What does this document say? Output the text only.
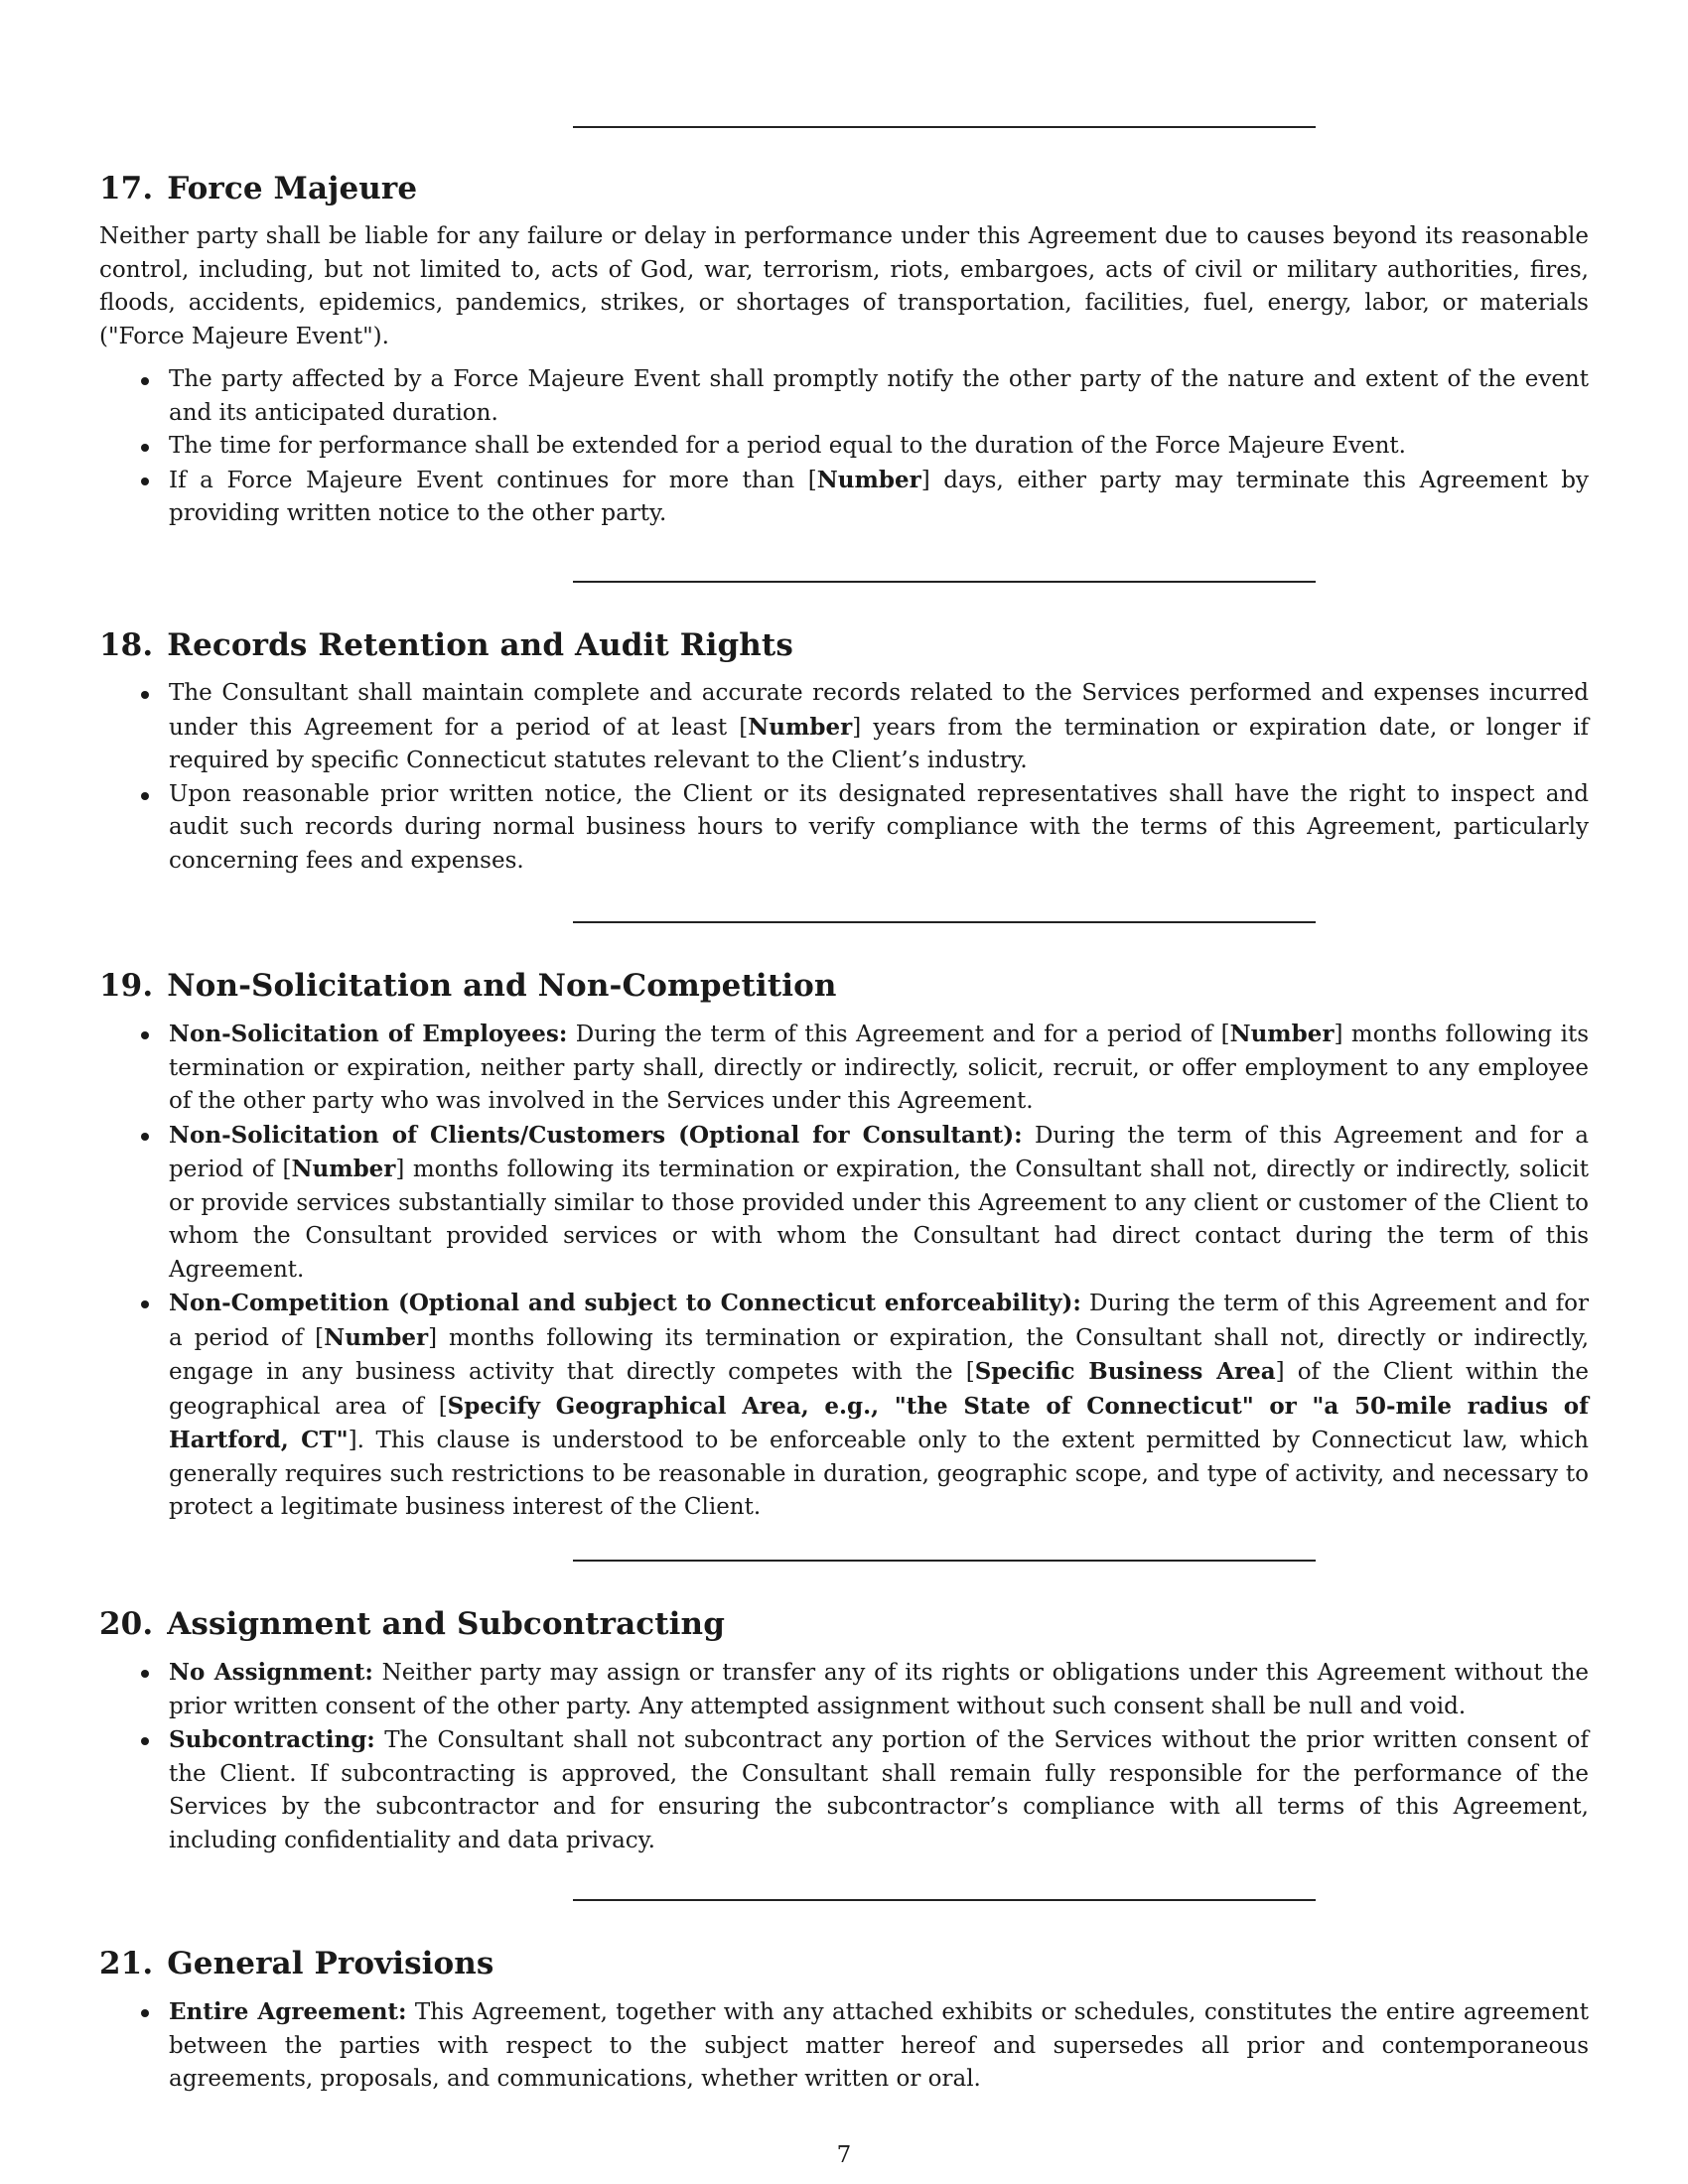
17. Force Majeure

Neither party shall be liable for any failure or delay in performance under this Agreement due to causes beyond its reasonable control, including, but not limited to, acts of God, war, terrorism, riots, embargoes, acts of civil or military authorities, fires, floods, accidents, epidemics, pandemics, strikes, or shortages of transportation, facilities, fuel, energy, labor, or materials ("Force Majeure Event").

The party affected by a Force Majeure Event shall promptly notify the other party of the nature and extent of the event and its anticipated duration.
The time for performance shall be extended for a period equal to the duration of the Force Majeure Event.
If a Force Majeure Event continues for more than [Number] days, either party may terminate this Agreement by providing written notice to the other party.
18. Records Retention and Audit Rights
The Consultant shall maintain complete and accurate records related to the Services performed and expenses incurred under this Agreement for a period of at least [Number] years from the termination or expiration date, or longer if required by specific Connecticut statutes relevant to the Client’s industry.
Upon reasonable prior written notice, the Client or its designated representatives shall have the right to inspect and audit such records during normal business hours to verify compliance with the terms of this Agreement, particularly concerning fees and expenses.
19. Non-Solicitation and Non-Competition
Non-Solicitation of Employees: During the term of this Agreement and for a period of [Number] months following its termination or expiration, neither party shall, directly or indirectly, solicit, recruit, or offer employment to any employee of the other party who was involved in the Services under this Agreement.
Non-Solicitation of Clients/Customers (Optional for Consultant): During the term of this Agreement and for a period of [Number] months following its termination or expiration, the Consultant shall not, directly or indirectly, solicit or provide services substantially similar to those provided under this Agreement to any client or customer of the Client to whom the Consultant provided services or with whom the Consultant had direct contact during the term of this Agreement.
Non-Competition (Optional and subject to Connecticut enforceability): During the term of this Agreement and for a period of [Number] months following its termination or expiration, the Consultant shall not, directly or indirectly, engage in any business activity that directly competes with the [Specific Business Area] of the Client within the geographical area of [Specify Geographical Area, e.g., "the State of Connecticut" or "a 50-mile radius of Hartford, CT"]. This clause is understood to be enforceable only to the extent permitted by Connecticut law, which generally requires such restrictions to be reasonable in duration, geographic scope, and type of activity, and necessary to protect a legitimate business interest of the Client.
20. Assignment and Subcontracting
No Assignment: Neither party may assign or transfer any of its rights or obligations under this Agreement without the prior written consent of the other party. Any attempted assignment without such consent shall be null and void.
Subcontracting: The Consultant shall not subcontract any portion of the Services without the prior written consent of the Client. If subcontracting is approved, the Consultant shall remain fully responsible for the performance of the Services by the subcontractor and for ensuring the subcontractor’s compliance with all terms of this Agreement, including confidentiality and data privacy.
21. General Provisions
Entire Agreement: This Agreement, together with any attached exhibits or schedules, constitutes the entire agreement between the parties with respect to the subject matter hereof and supersedes all prior and contemporaneous agreements, proposals, and communications, whether written or oral.
7
